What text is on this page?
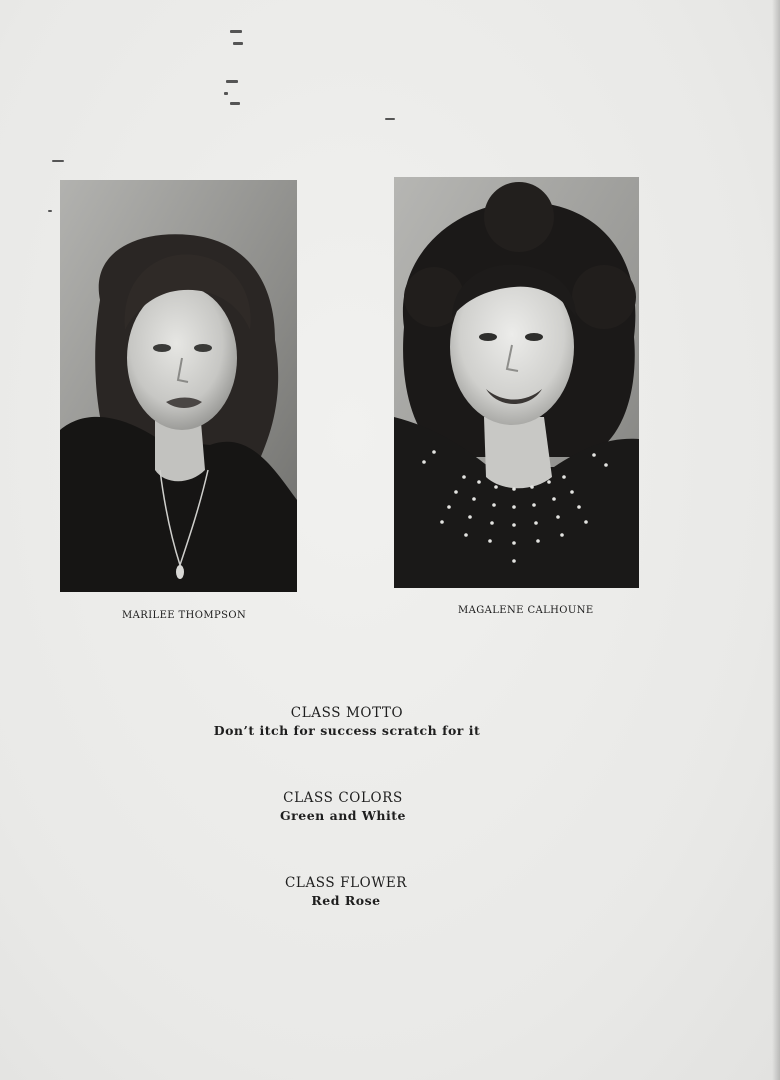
MARILEE THOMPSON	MAGALENE CALHOUNE
CLASS MOTTO
Don’t itch for success scratch for it
CLASS COLORS
Green and White
CLASS FLOWER
Red Rose
